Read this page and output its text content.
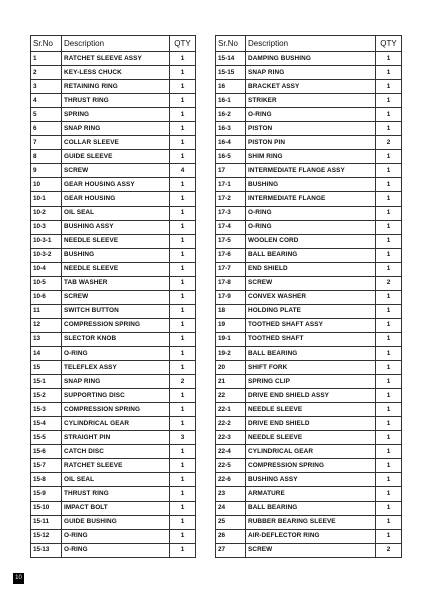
Sr.No	Description	QTY
1	RATCHET SLEEVE ASSY	1
2	KEY-LESS CHUCK	1
3	RETAINING RING	1
4	THRUST RING	1
5	SPRING	1
6	SNAP RING	1
7	COLLAR SLEEVE	1
8	GUIDE SLEEVE	1
9	SCREW	4
10	GEAR HOUSING ASSY	1
10-1	GEAR HOUSING	1
10-2	OIL SEAL	1
10-3	BUSHING ASSY	1
10-3-1	NEEDLE SLEEVE	1
10-3-2	BUSHING	1
10-4	NEEDLE SLEEVE	1
10-5	TAB WASHER	1
10-6	SCREW	1
11	SWITCH BUTTON	1
12	COMPRESSION SPRING	1
13	SLECTOR KNOB	1
14	O-RING	1
15	TELEFLEX ASSY	1
15-1	SNAP RING	2
15-2	SUPPORTING DISC	1
15-3	COMPRESSION SPRING	1
15-4	CYLINDRICAL GEAR	1
15-5	STRAIGHT PIN	3
15-6	CATCH DISC	1
15-7	RATCHET SLEEVE	1
15-8	OIL SEAL	1
15-9	THRUST RING	1
15-10	IMPACT BOLT	1
15-11	GUIDE BUSHING	1
15-12	O-RING	1
15-13	O-RING	1
Sr.No	Description	QTY
15-14	DAMPING BUSHING	1
15-15	SNAP RING	1
16	BRACKET ASSY	1
16-1	STRIKER	1
16-2	O-RING	1
16-3	PISTON	1
16-4	PISTON PIN	2
16-5	SHIM RING	1
17	INTERMEDIATE FLANGE ASSY	1
17-1	BUSHING	1
17-2	INTERMEDIATE FLANGE	1
17-3	O-RING	1
17-4	O-RING	1
17-5	WOOLEN CORD	1
17-6	BALL BEARING	1
17-7	END SHIELD	1
17-8	SCREW	2
17-9	CONVEX WASHER	1
18	HOLDING PLATE	1
19	TOOTHED SHAFT ASSY	1
19-1	TOOTHED SHAFT	1
19-2	BALL BEARING	1
20	SHIFT FORK	1
21	SPRING CLIP	1
22	DRIVE END SHIELD ASSY	1
22-1	NEEDLE SLEEVE	1
22-2	DRIVE END SHIELD	1
22-3	NEEDLE SLEEVE	1
22-4	CYLINDRICAL GEAR	1
22-5	COMPRESSION SPRING	1
22-6	BUSHING ASSY	1
23	ARMATURE	1
24	BALL BEARING	1
25	RUBBER BEARING SLEEVE	1
26	AIR-DEFLECTOR RING	1
27	SCREW	2
10
